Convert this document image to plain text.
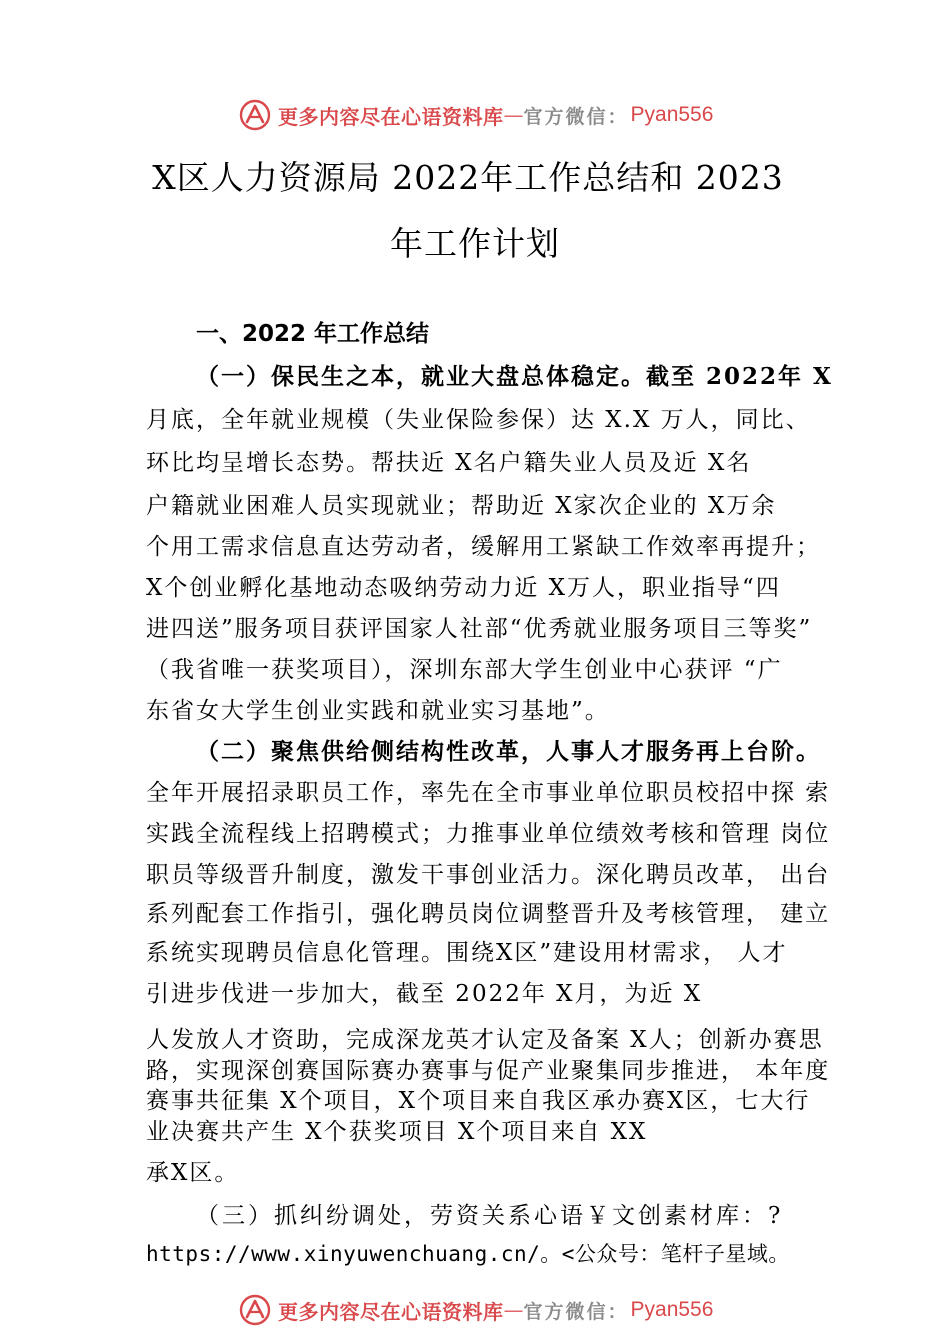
更多内容尽在心语资料库 — 官方微信： Pyan556
X区人力资源局 2022年工作总结和 2023
年工作计划
一、2022 年工作总结
（一）保民生之本，就业大盘总体稳定。截至 2022年 X
月底，全年就业规模（失业保险参保）达 X.X 万人，同比、
环比均呈增长态势。帮扶近 X名户籍失业人员及近 X名
户籍就业困难人员实现就业；帮助近 X家次企业的 X万余
个用工需求信息直达劳动者，缓解用工紧缺工作效率再提升；
X个创业孵化基地动态吸纳劳动力近 X万人，职业指导“四
进四送”服务项目获评国家人社部“优秀就业服务项目三等奖”
（我省唯一获奖项目），深圳东部大学生创业中心获评 “广
东省女大学生创业实践和就业实习基地”。
（二）聚焦供给侧结构性改革，人事人才服务再上台阶。
全年开展招录职员工作，率先在全市事业单位职员校招中探 索
实践全流程线上招聘模式；力推事业单位绩效考核和管理 岗位
职员等级晋升制度，激发干事创业活力。深化聘员改革， 出台
系列配套工作指引，强化聘员岗位调整晋升及考核管理， 建立
系统实现聘员信息化管理。围绕X区”建设用材需求， 人才
引进步伐进一步加大，截至 2022年 X月，为近 X
人发放人才资助，完成深龙英才认定及备案 X人；创新办赛思
路，实现深创赛国际赛办赛事与促产业聚集同步推进， 本年度
赛事共征集 X个项目，X个项目来自我区承办赛X区，七大行
业决赛共产生 X个获奖项目 X个项目来自 XX
承X区。
（三）抓纠纷调处，劳资关系心语￥文创素材库：?
https://www.xinyuwenchuang.cn/。<公众号：笔杆子星域。
更多内容尽在心语资料库 — 官方微信： Pyan556
